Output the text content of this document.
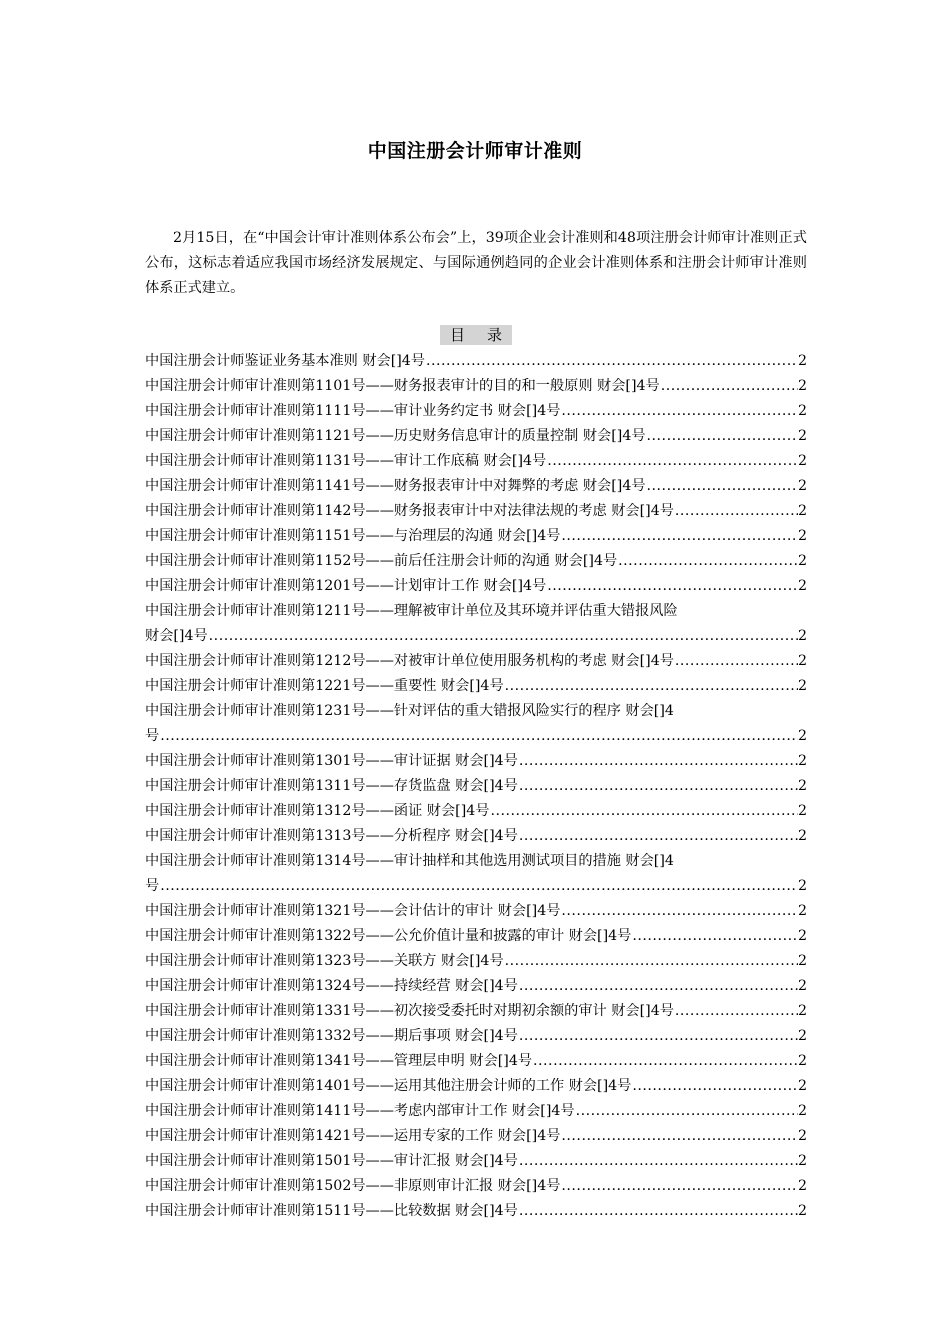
中国注册会计师审计准则

2月15日，在“中国会计审计准则体系公布会”上，39项企业会计准则和48项注册会计师审计准则正式公布，这标志着适应我国市场经济发展规定、与国际通例趋同的企业会计准则体系和注册会计师审计准则体系正式建立。

目 录
中国注册会计师鉴证业务基本准则 财会[]4号 .....	2
中国注册会计师审计准则第1101号——财务报表审计的目的和一般原则 财会[]4号 .....	2
中国注册会计师审计准则第1111号——审计业务约定书 财会[]4号 .....	2
中国注册会计师审计准则第1121号——历史财务信息审计的质量控制 财会[]4号 .....	2
中国注册会计师审计准则第1131号——审计工作底稿 财会[]4号 .....	2
中国注册会计师审计准则第1141号——财务报表审计中对舞弊的考虑 财会[]4号 .....	2
中国注册会计师审计准则第1142号——财务报表审计中对法律法规的考虑 财会[]4号 .....	2
中国注册会计师审计准则第1151号——与治理层的沟通 财会[]4号 .....	2
中国注册会计师审计准则第1152号——前后任注册会计师的沟通 财会[]4号 .....	2
中国注册会计师审计准则第1201号——计划审计工作 财会[]4号 .....	2
中国注册会计师审计准则第1211号——理解被审计单位及其环境并评估重大错报风险
财会[]4号 .....	2
中国注册会计师审计准则第1212号——对被审计单位使用服务机构的考虑 财会[]4号 .....	2
中国注册会计师审计准则第1221号——重要性 财会[]4号 .....	2
中国注册会计师审计准则第1231号——针对评估的重大错报风险实行的程序 财会[]4
号 .....	2
中国注册会计师审计准则第1301号——审计证据 财会[]4号 .....	2
中国注册会计师审计准则第1311号——存货监盘 财会[]4号 .....	2
中国注册会计师审计准则第1312号——函证 财会[]4号 .....	2
中国注册会计师审计准则第1313号——分析程序 财会[]4号 .....	2
中国注册会计师审计准则第1314号——审计抽样和其他选用测试项目的措施 财会[]4
号 .....	2
中国注册会计师审计准则第1321号——会计估计的审计 财会[]4号 .....	2
中国注册会计师审计准则第1322号——公允价值计量和披露的审计 财会[]4号 .....	2
中国注册会计师审计准则第1323号——关联方 财会[]4号 .....	2
中国注册会计师审计准则第1324号——持续经营 财会[]4号 .....	2
中国注册会计师审计准则第1331号——初次接受委托时对期初余额的审计 财会[]4号 .....	2
中国注册会计师审计准则第1332号——期后事项 财会[]4号 .....	2
中国注册会计师审计准则第1341号——管理层申明 财会[]4号 .....	2
中国注册会计师审计准则第1401号——运用其他注册会计师的工作 财会[]4号 .....	2
中国注册会计师审计准则第1411号——考虑内部审计工作 财会[]4号 .....	2
中国注册会计师审计准则第1421号——运用专家的工作 财会[]4号 .....	2
中国注册会计师审计准则第1501号——审计汇报 财会[]4号 .....	2
中国注册会计师审计准则第1502号——非原则审计汇报 财会[]4号 .....	2
中国注册会计师审计准则第1511号——比较数据 财会[]4号 .....	2
